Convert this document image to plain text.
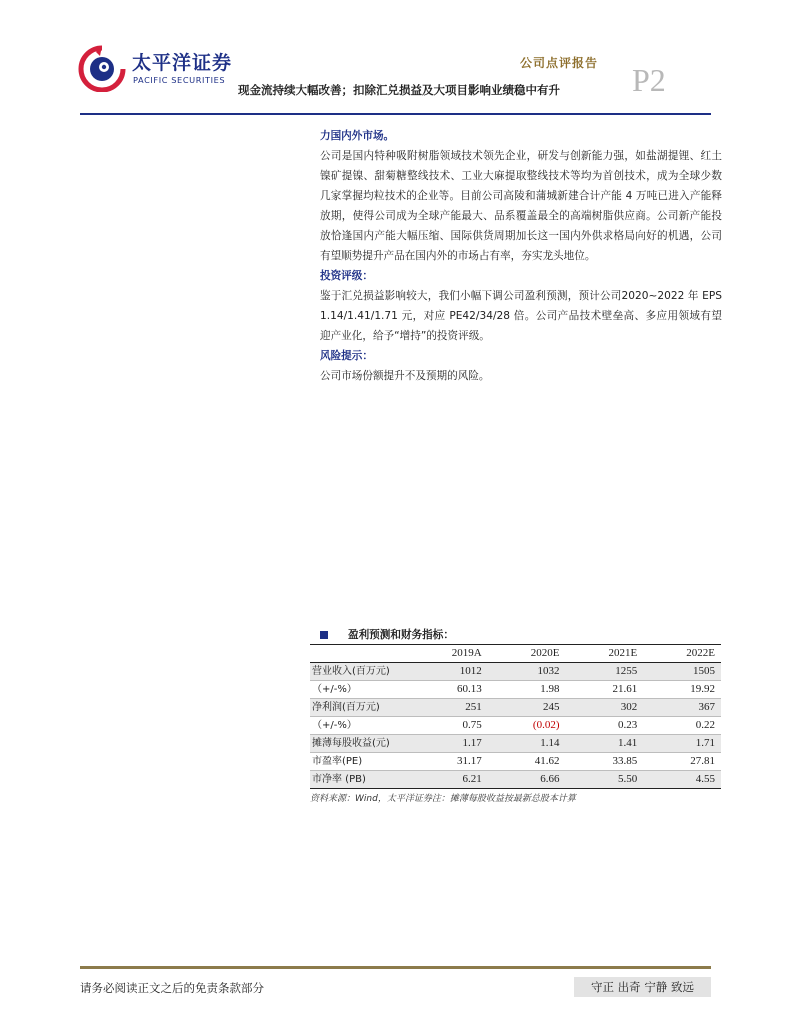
太平洋证券
PACIFIC SECURITIES
公司点评报告 P2
现金流持续大幅改善；扣除汇兑损益及大项目影响业绩稳中有升
力国内外市场。

公司是国内特种吸附树脂领域技术领先企业，研发与创新能力强，如盐湖提锂、红土镍矿提镍、甜菊糖整线技术、工业大麻提取整线技术等均为首创技术，成为全球少数几家掌握均粒技术的企业等。目前公司高陵和蒲城新建合计产能 4 万吨已进入产能释放期，使得公司成为全球产能最大、品系覆盖最全的高端树脂供应商。公司新产能投放恰逢国内产能大幅压缩、国际供货周期加长这一国内外供求格局向好的机遇，公司有望顺势提升产品在国内外的市场占有率，夯实龙头地位。

投资评级：

鉴于汇兑损益影响较大，我们小幅下调公司盈利预测，预计公司2020~2022 年 EPS 1.14/1.41/1.71 元，对应 PE42/34/28 倍。公司产品技术壁垒高、多应用领域有望迎产业化，给予“增持”的投资评级。

风险提示：

公司市场份额提升不及预期的风险。

盈利预测和财务指标：
	2019A	2020E	2021E	2022E
营业收入(百万元)	1012	1032	1255	1505
（+/-%）	60.13	1.98	21.61	19.92
净利润(百万元)	251	245	302	367
（+/-%）	0.75	(0.02)	0.23	0.22
摊薄每股收益(元)	1.17	1.14	1.41	1.71
市盈率(PE)	31.17	41.62	33.85	27.81
市净率 (PB)	6.21	6.66	5.50	4.55
资料来源：Wind，太平洋证券注：摊薄每股收益按最新总股本计算
请务必阅读正文之后的免责条款部分	守正 出奇 宁静 致远
